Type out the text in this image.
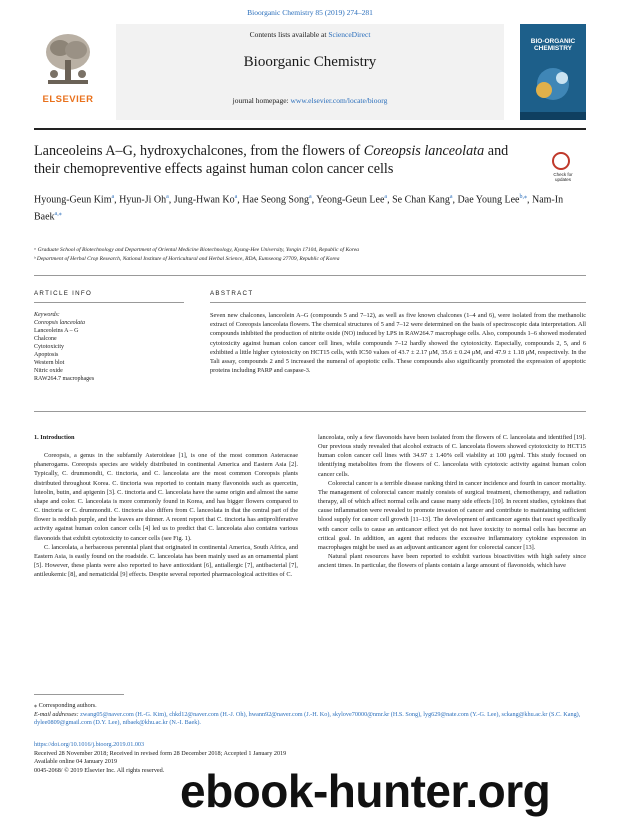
Bioorganic Chemistry 85 (2019) 274–281
ELSEVIER
Contents lists available at ScienceDirect
Bioorganic Chemistry
journal homepage: www.elsevier.com/locate/bioorg
BIO-ORGANIC CHEMISTRY
Lanceoleins A–G, hydroxychalcones, from the flowers of Coreopsis lanceolata and their chemopreventive effects against human colon cancer cells	Check for updates
Hyoung-Geun Kim$^a$, Hyun-Ji Oh$^a$, Jung-Hwan Ko$^a$, Hae Seong Song$^a$, Yeong-Geun Lee$^a$, Se Chan Kang$^a$, Dae Young Lee$^{b,⁎}$, Nam-In Baek$^{a,⁎}$
ᵃ Graduate School of Biotechnology and Department of Oriental Medicine Biotechnology, Kyung-Hee University, Yongin 17104, Republic of Korea
ᵇ Department of Herbal Crop Research, National Institute of Horticultural and Herbal Science, RDA, Eumseong 27709, Republic of Korea
ARTICLE INFO	ABSTRACT
Keywords:
Coreopsis lanceolata
Lanceoleins A – G
Chalcone
Cytotoxicity
Apoptosis
Western blot
Nitric oxide
RAW264.7 macrophages
Seven new chalcones, lanceolein A–G (compounds 5 and 7–12), as well as five known chalcones (1–4 and 6), were isolated from the methanolic extract of Coreopsis lanceolata flowers. The chemical structures of 5 and 7–12 were determined on the basis of spectroscopic data interpretation. All compounds inhibited the production of nitrite oxide (NO) induced by LPS in RAW264.7 macrophage cells. Also, compounds 1–6 showed moderated cytotoxicity against human colon cancer cell lines, while compounds 7–12 hardly showed the cytotoxicity. Especially, compounds 2, 5, and 6 exhibited a little higher cytotoxicity on HCT15 cells, with IC50 values of 43.7 ± 2.17 μM, 35.6 ± 0.24 μM, and 47.9 ± 1.18 μM, respectively. In the Tali assay, compounds 2 and 5 increased the numeral of apoptotic cells. These compounds also significantly promoted the expression of apoptotic proteins including PARP and caspase-3.

1. Introduction

Coreopsis, a genus in the subfamily Asteroideae [1], is one of the most common Asteraceae phanerogams. Coreopsis species are widely distributed in continental America and Eastern Asia [2]. Typically, C. drummondii, C. tinctoria, and C. lanceolata are the most common Coreopsis plants distributed throughout Korea. C. tinctoria was reported to contain many flavonoids such as quercetin, luteolin, butin, and apigenin [3]. C. tinctoria and C. lanceolata have the same origin and almost the same shape and color. C. lanceolata is more commonly found in Korea, and has bigger flowers compared to C. tinctoria or C. drummondii. C. tinctoria also differs from C. lanceolata in that the central part of the flower is reddish purple, and the leaves are thinner. A recent report that C. tinctoria has antiproliferative activity against human colon cancer cells [4] led us to predict that C. lanceolata also contains various flavonoids that exhibit cytotoxicity to cancer cells (see Fig. 1).

C. lanceolata, a herbaceous perennial plant that originated in continental America, South Africa, and Eastern Asia, is easily found on the roadside. C. lanceolata has been mainly used as an ornamental plant [5]. However, these plants were also reported to have antioxidant [6], antiallergic [7], antibacterial [7], antileukemic [8], and nematicidal [9] effects. Despite several reported pharmacological activities of C.

lanceolata, only a few flavonoids have been isolated from the flowers of C. lanceolata and identified [19]. Our previous study revealed that alcohol extracts of C. lanceolata flowers showed cytotoxicity to HCT15 human colon cancer cell lines with 34.97 ± 1.40% cell viability at 100 μg/ml. This study focused on identifying metabolites from the flowers of C. lanceolata with cytotoxic activity against human colon cancer cells.

Colorectal cancer is a terrible disease ranking third in cancer incidence and fourth in cancer mortality. The management of colorectal cancer mainly consists of surgical treatment, chemotherapy, and radiation therapy, all of which affect normal cells and cause many side effects [10]. In recent studies, cytokines that cause inflammation were revealed to promote invasion of cancer and contribute to maintaining sufficient blood supply for cancer cell growth [11–13]. The development of anticancer agents that react specifically with cancer cells to cause an anticancer effect yet do not have toxicity to normal cells has become an critical goal. In addition, an agent that reduces the excessive inflammatory cytokine expression in macrophages might be used as an adjuvant anticancer agent for colorectal cancer [13].

Natural plant resources have been reported to exhibit various bioactivities with high safety since ancient times. In particular, the flowers of plants contain a large amount of flavonoids, which have

⁎ Corresponding authors.
E-mail addresses: zwang05@naver.com (H.-G. Kim), chkd12@naver.com (H.-J. Oh), hwann92@naver.com (J.-H. Ko), skylove70000@nmr.kr (H.S. Song), lyg629@nate.com (Y.-G. Lee), sckang@khu.ac.kr (S.C. Kang), dylee0809@gmail.com (D.Y. Lee), nibaek@khu.ac.kr (N.-I. Baek).
https://doi.org/10.1016/j.bioorg.2019.01.003
Received 28 November 2018; Received in revised form 28 December 2018; Accepted 1 January 2019
Available online 04 January 2019
0045-2068/ © 2019 Elsevier Inc. All rights reserved. ebook-hunter.org
